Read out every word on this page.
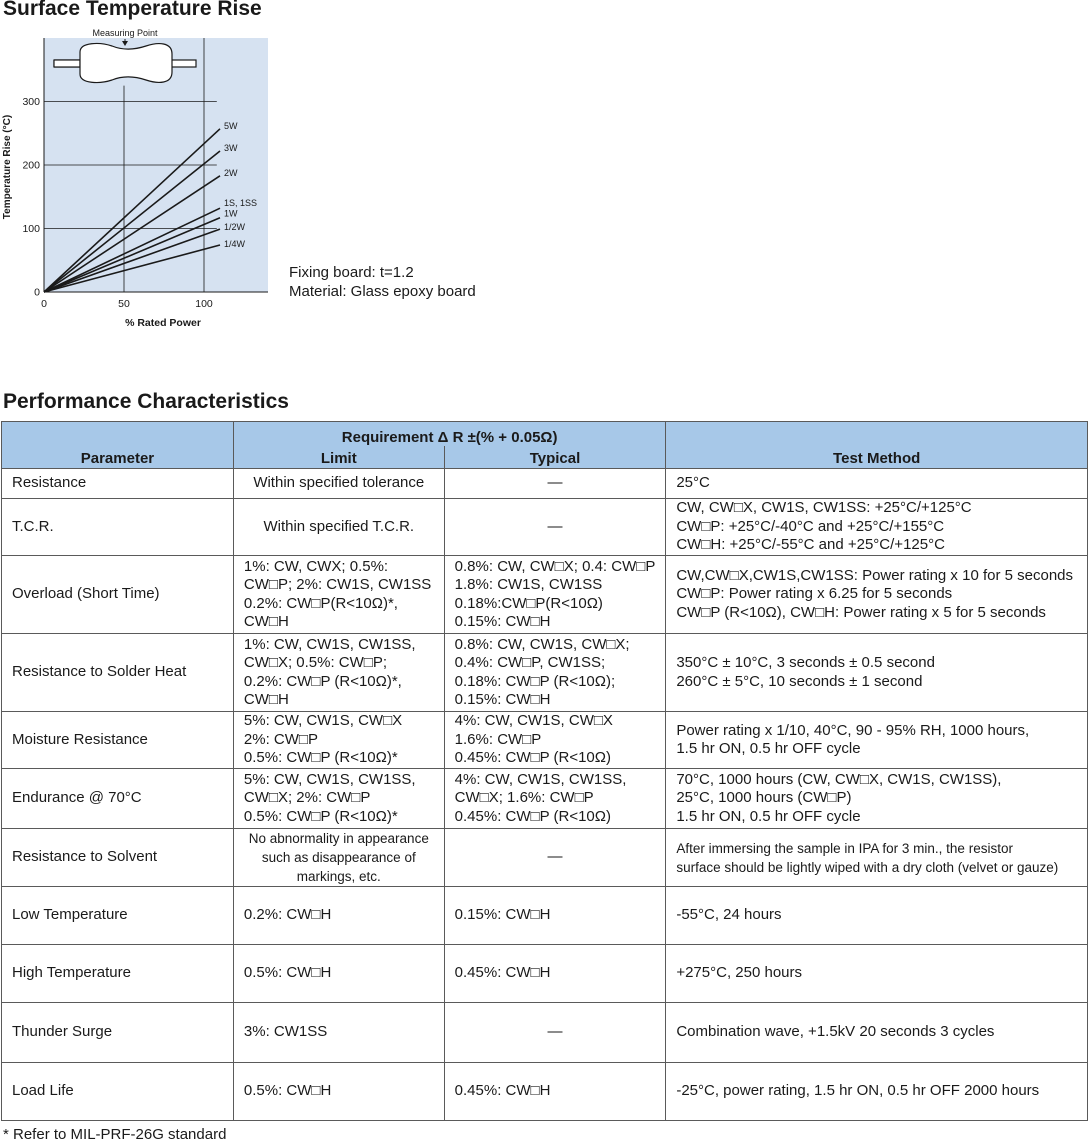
Surface Temperature Rise
Measuring Point
5W
3W
2W
1S, 1SS
1W
1/2W
1/4W
0
100
200
300
0	50	100
Temperature Rise (°C)
% Rated Power
Fixing board: t=1.2
Material: Glass epoxy board
Performance Characteristics
Parameter	Requirement Δ R ±(% + 0.05Ω)		Test Method
	Limit	Typical	
Resistance	Within specified tolerance	—	25°C

T.C.R.	Within specified T.C.R.	—	CW, CW□X, CW1S, CW1SS: +25°C/+125°C
CW□P: +25°C/-40°C and +25°C/+155°C
CW□H: +25°C/-55°C and +25°C/+125°C

Overload (Short Time)	1%: CW, CWX; 0.5%:
CW□P; 2%: CW1S, CW1SS
0.2%: CW□P(R<10Ω)*,
CW□H	0.8%: CW, CW□X; 0.4: CW□P
1.8%: CW1S, CW1SS
0.18%:CW□P(R<10Ω)
0.15%: CW□H	CW,CW□X,CW1S,CW1SS: Power rating x 10 for 5 seconds
CW□P: Power rating x 6.25 for 5 seconds
CW□P (R<10Ω), CW□H: Power rating x 5 for 5 seconds

Resistance to Solder Heat	1%: CW, CW1S, CW1SS,
CW□X; 0.5%: CW□P;
0.2%: CW□P (R<10Ω)*,
CW□H	0.8%: CW, CW1S, CW□X;
0.4%: CW□P, CW1SS;
0.18%: CW□P (R<10Ω);
0.15%: CW□H	350°C ± 10°C, 3 seconds ± 0.5 second
260°C ± 5°C, 10 seconds ± 1 second

Moisture Resistance	5%: CW, CW1S, CW□X
2%: CW□P
0.5%: CW□P (R<10Ω)*	4%: CW, CW1S, CW□X
1.6%: CW□P
0.45%: CW□P (R<10Ω)	Power rating x 1/10, 40°C, 90 - 95% RH, 1000 hours,
1.5 hr ON, 0.5 hr OFF cycle

Endurance @ 70°C	5%: CW, CW1S, CW1SS,
CW□X; 2%: CW□P
0.5%: CW□P (R<10Ω)*	4%: CW, CW1S, CW1SS,
CW□X; 1.6%: CW□P
0.45%: CW□P (R<10Ω)	70°C, 1000 hours (CW, CW□X, CW1S, CW1SS),
25°C, 1000 hours (CW□P)
1.5 hr ON, 0.5 hr OFF cycle

Resistance to Solvent	No abnormality in appearance
such as disappearance of
markings, etc.	—	After immersing the sample in IPA for 3 min., the resistor
surface should be lightly wiped with a dry cloth (velvet or gauze)

Low Temperature	0.2%: CW□H	0.15%: CW□H	-55°C, 24 hours

High Temperature	0.5%: CW□H	0.45%: CW□H	+275°C, 250 hours

Thunder Surge	3%: CW1SS	—	Combination wave, +1.5kV 20 seconds 3 cycles

Load Life	0.5%: CW□H	0.45%: CW□H	-25°C, power rating, 1.5 hr ON, 0.5 hr OFF 2000 hours
* Refer to MIL-PRF-26G standard
